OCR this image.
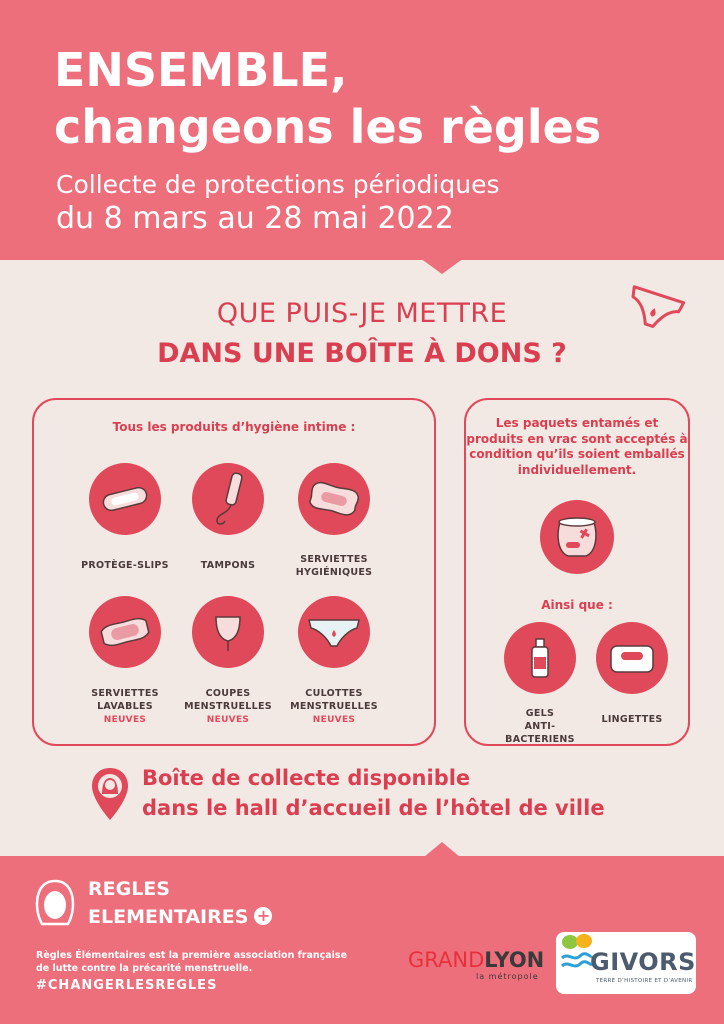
ENSEMBLE,
changeons les règles
Collecte de protections périodiques
du 8 mars au 28 mai 2022
QUE PUIS-JE METTRE
DANS UNE BOÎTE À DONS ?
Tous les produits d’hygiène intime :
PROTÈGE-SLIPS	TAMPONS
SERVIETTES
HYGIÉNIQUES
SERVIETTES
LAVABLES
NEUVES
COUPES
MENSTRUELLES
NEUVES
CULOTTES
MENSTRUELLES
NEUVES
Les paquets entamés et
produits en vrac sont acceptés à
condition qu’ils soient emballés
individuellement.
Ainsi que :
GELS
ANTI-BACTERIENS
LINGETTES
Boîte de collecte disponible
dans le hall d’accueil de l’hôtel de ville
REGLES
ELEMENTAIRES +
Règles Élémentaires est la première association française
de lutte contre la précarité menstruelle.
#CHANGERLESREGLES
GRANDLYON
la métropole
GIVORS
TERRE D’HISTOIRE ET D’AVENIR
